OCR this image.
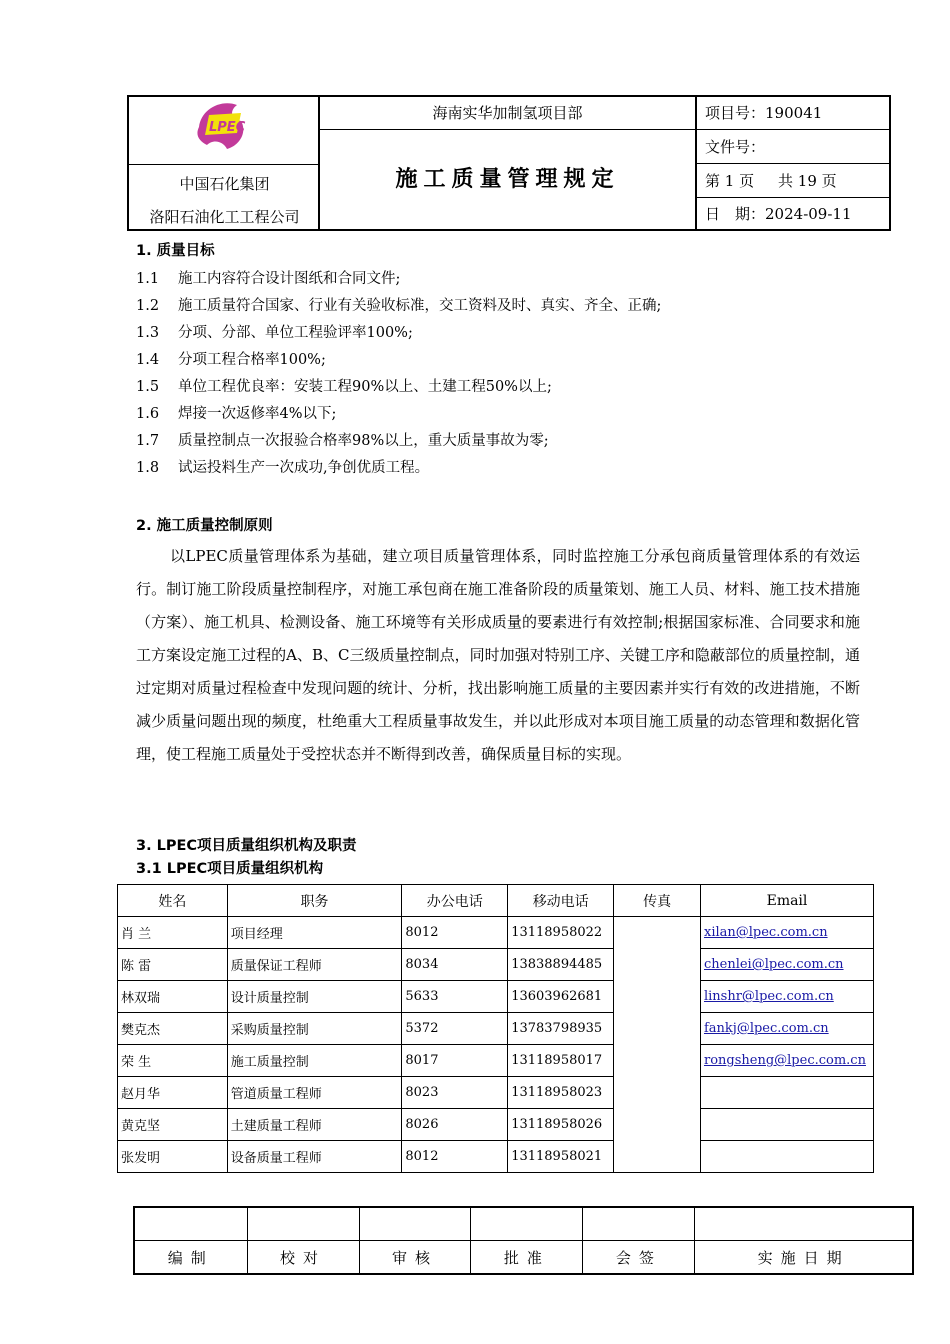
LPEC
中国石化集团
洛阳石油化工工程公司
海南实华加制氢项目部
施工质量管理规定
项目号：190041
文件号：
第 1 页 共 19 页
日　期：2024-09-11
1. 质量目标
1.1 施工内容符合设计图纸和合同文件;
1.2 施工质量符合国家、行业有关验收标准，交工资料及时、真实、齐全、正确;
1.3 分项、分部、单位工程验评率100%;
1.4 分项工程合格率100%;
1.5 单位工程优良率：安装工程90%以上、土建工程50%以上;
1.6 焊接一次返修率4%以下;
1.7 质量控制点一次报验合格率98%以上，重大质量事故为零;
1.8 试运投料生产一次成功,争创优质工程。
2. 施工质量控制原则
以LPEC质量管理体系为基础，建立项目质量管理体系，同时监控施工分承包商质量管理体系的有效运行。制订施工阶段质量控制程序，对施工承包商在施工准备阶段的质量策划、施工人员、材料、施工技术措施（方案）、施工机具、检测设备、施工环境等有关形成质量的要素进行有效控制;根据国家标准、合同要求和施工方案设定施工过程的A、B、C三级质量控制点，同时加强对特别工序、关键工序和隐蔽部位的质量控制，通过定期对质量过程检查中发现问题的统计、分析，找出影响施工质量的主要因素并实行有效的改进措施，不断减少质量问题出现的频度，杜绝重大工程质量事故发生，并以此形成对本项目施工质量的动态管理和数据化管理，使工程施工质量处于受控状态并不断得到改善，确保质量目标的实现。
3. LPEC项目质量组织机构及职责
3.1 LPEC项目质量组织机构
姓名	职务	办公电话	移动电话	传真	Email
肖 兰	项目经理	8012	13118958022		xilan@lpec.com.cn
陈 雷	质量保证工程师	8034	13838894485		chenlei@lpec.com.cn
林双瑞	设计质量控制	5633	13603962681		linshr@lpec.com.cn
樊克杰	采购质量控制	5372	13783798935		fankj@lpec.com.cn
荣 生	施工质量控制	8017	13118958017		rongsheng@lpec.com.cn
赵月华	管道质量工程师	8023	13118958023		
黄克坚	土建质量工程师	8026	13118958026		
张发明	设备质量工程师	8012	13118958021		

编制	校对	审核	批准	会签	实施日期
